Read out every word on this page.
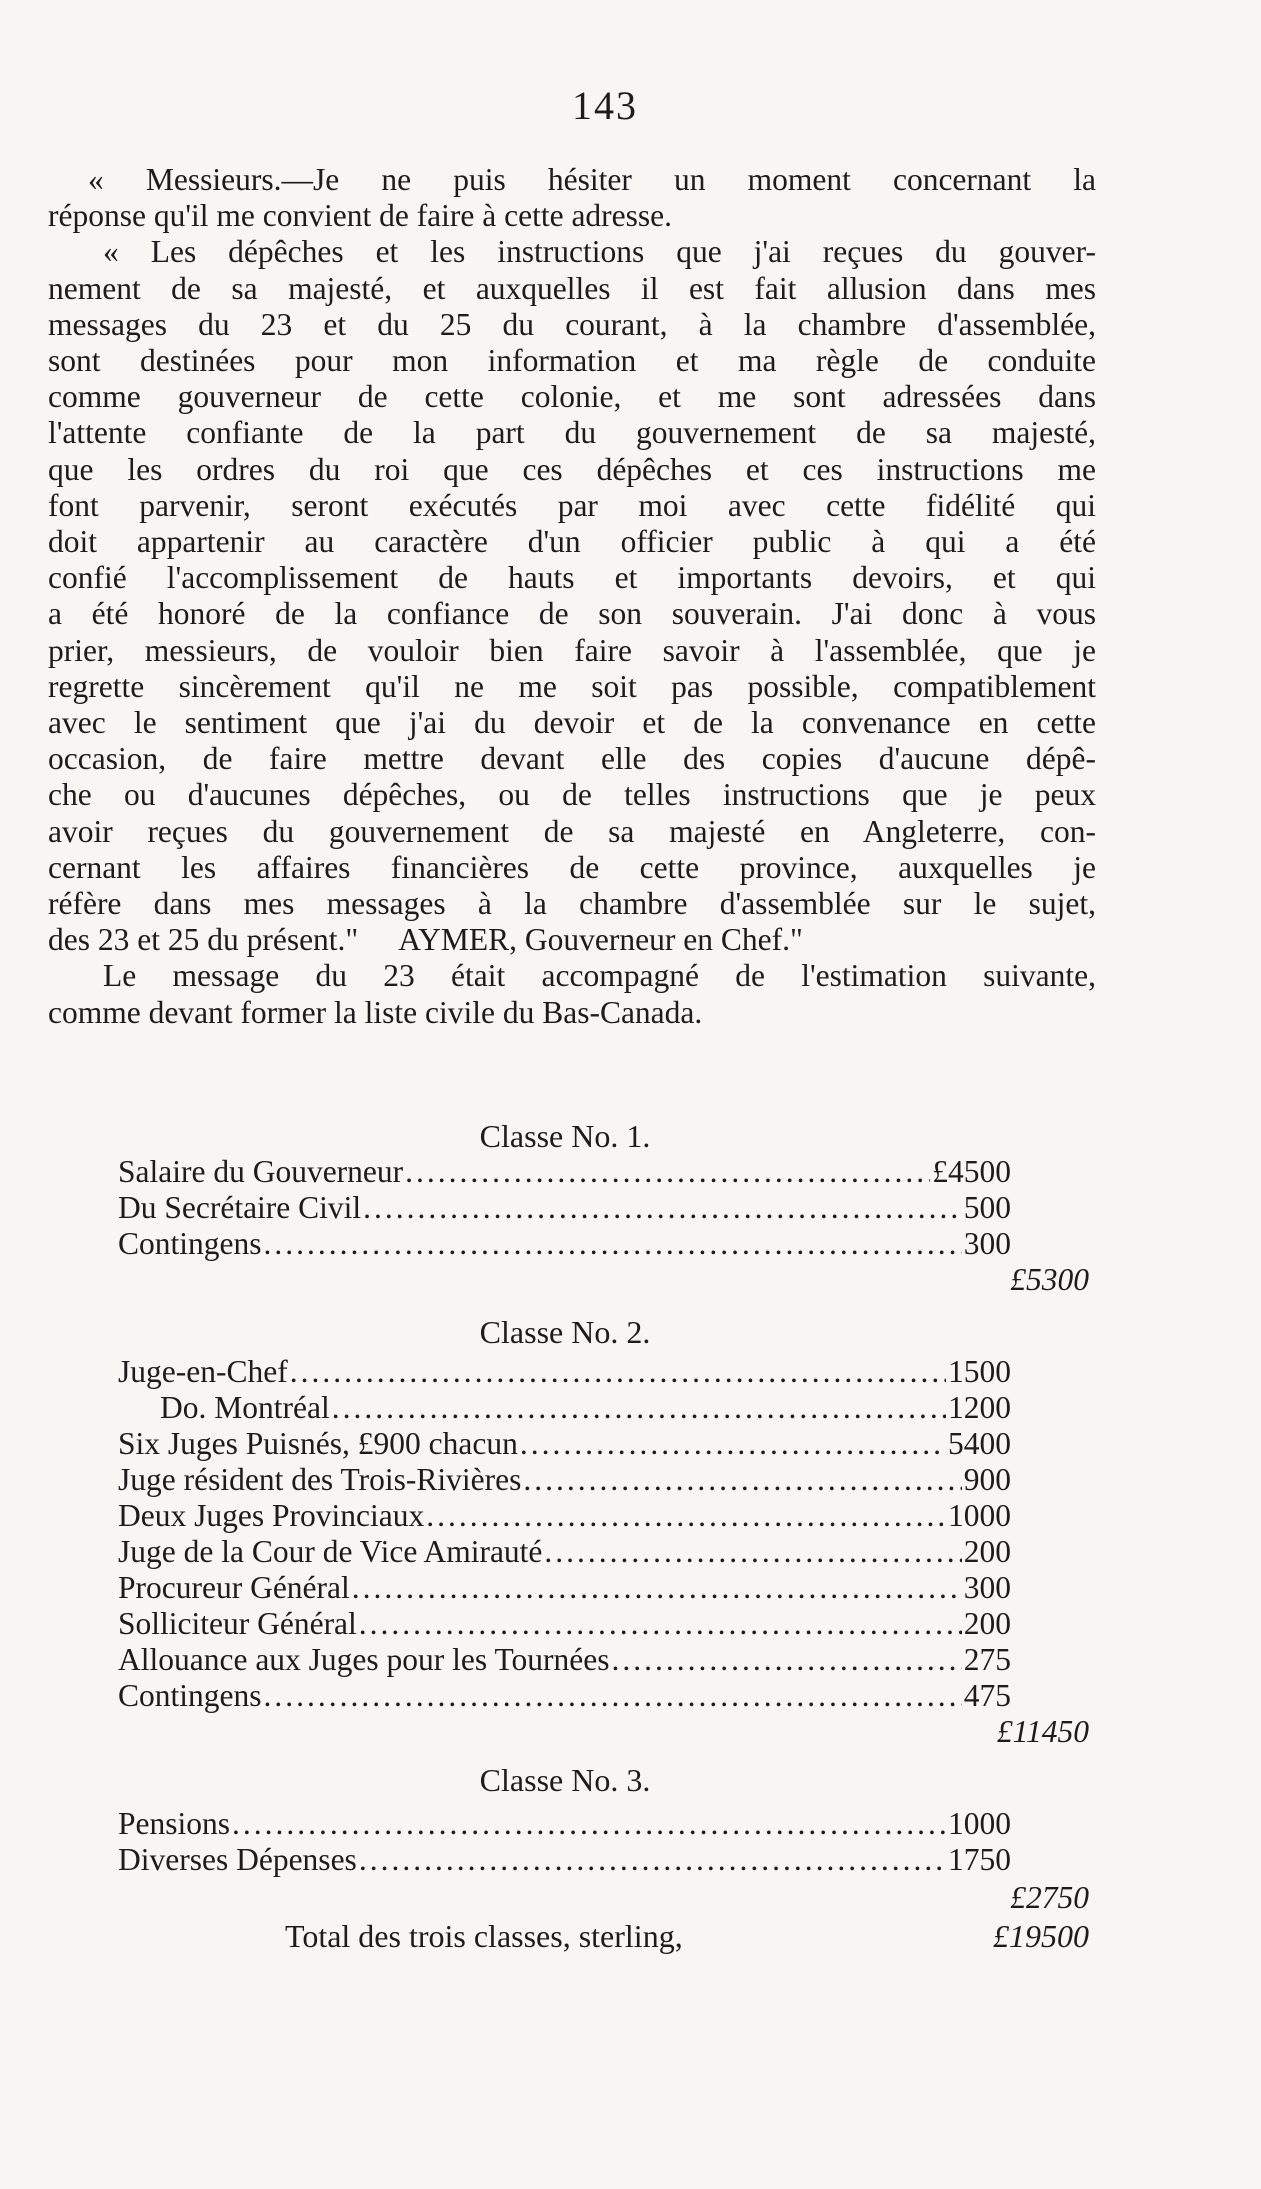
143

« Messieurs.—Je ne puis hésiter un moment concernant la

réponse qu'il me convient de faire à cette adresse.

« Les dépêches et les instructions que j'ai reçues du gouver-

nement de sa majesté, et auxquelles il est fait allusion dans mes

messages du 23 et du 25 du courant, à la chambre d'assemblée,

sont destinées pour mon information et ma règle de conduite

comme gouverneur de cette colonie, et me sont adressées dans

l'attente confiante de la part du gouvernement de sa majesté,

que les ordres du roi que ces dépêches et ces instructions me

font parvenir, seront exécutés par moi avec cette fidélité qui

doit appartenir au caractère d'un officier public à qui a été

confié l'accomplissement de hauts et importants devoirs, et qui

a été honoré de la confiance de son souverain. J'ai donc à vous

prier, messieurs, de vouloir bien faire savoir à l'assemblée, que je

regrette sincèrement qu'il ne me soit pas possible, compatiblement

avec le sentiment que j'ai du devoir et de la convenance en cette

occasion, de faire mettre devant elle des copies d'aucune dépê-

che ou d'aucunes dépêches, ou de telles instructions que je peux

avoir reçues du gouvernement de sa majesté en Angleterre, con-

cernant les affaires financières de cette province, auxquelles je

réfère dans mes messages à la chambre d'assemblée sur le sujet,

des 23 et 25 du présent." AYMER, Gouverneur en Chef."

Le message du 23 était accompagné de l'estimation suivante,

comme devant former la liste civile du Bas-Canada.

Classe No. 1.
Salaire du Gouverneur .....	£4500
Du Secrétaire Civil .....	500
Contingens .....	300
£5300
Classe No. 2.
Juge-en-Chef .....	1500
Do. Montréal .....	1200
Six Juges Puisnés, £900 chacun .....	5400
Juge résident des Trois-Rivières .....	900
Deux Juges Provinciaux .....	1000
Juge de la Cour de Vice Amirauté .....	200
Procureur Général .....	300
Solliciteur Général .....	200
Allouance aux Juges pour les Tournées .....	275
Contingens .....	475
£11450
Classe No. 3.
Pensions .....	1000
Diverses Dépenses .....	1750
£2750
Total des trois classes, sterling,	£19500
